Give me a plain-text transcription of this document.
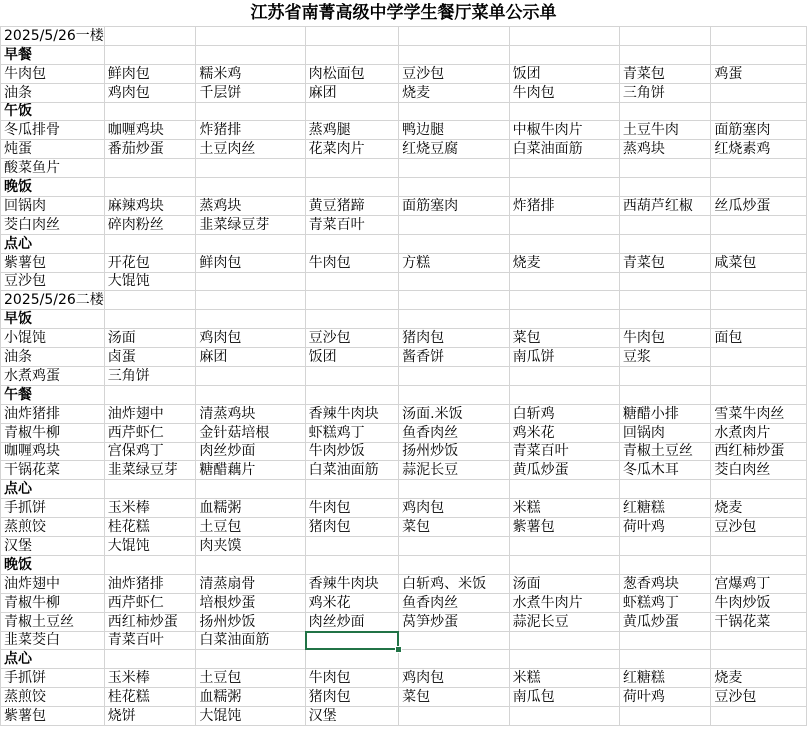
江苏省南菁高级中学学生餐厅菜单公示单
2025/5/26一楼							
早餐							
牛肉包	鲜肉包	糯米鸡	肉松面包	豆沙包	饭团	青菜包	鸡蛋
油条	鸡肉包	千层饼	麻团	烧麦	牛肉包	三角饼	
午饭							
冬瓜排骨	咖喱鸡块	炸猪排	蒸鸡腿	鸭边腿	中椒牛肉片	土豆牛肉	面筋塞肉
炖蛋	番茄炒蛋	土豆肉丝	花菜肉片	红烧豆腐	白菜油面筋	蒸鸡块	红烧素鸡
酸菜鱼片							
晚饭							
回锅肉	麻辣鸡块	蒸鸡块	黄豆猪蹄	面筋塞肉	炸猪排	西葫芦红椒	丝瓜炒蛋
茭白肉丝	碎肉粉丝	韭菜绿豆芽	青菜百叶				
点心							
紫薯包	开花包	鲜肉包	牛肉包	方糕	烧麦	青菜包	咸菜包
豆沙包	大馄饨						
2025/5/26二楼							
早饭							
小馄饨	汤面	鸡肉包	豆沙包	猪肉包	菜包	牛肉包	面包
油条	卤蛋	麻团	饭团	酱香饼	南瓜饼	豆浆	
水煮鸡蛋	三角饼						
午餐							
油炸猪排	油炸翅中	清蒸鸡块	香辣牛肉块	汤面.米饭	白斩鸡	糖醋小排	雪菜牛肉丝
青椒牛柳	西芹虾仁	金针菇培根	虾糕鸡丁	鱼香肉丝	鸡米花	回锅肉	水煮肉片
咖喱鸡块	宫保鸡丁	肉丝炒面	牛肉炒饭	扬州炒饭	青菜百叶	青椒土豆丝	西红柿炒蛋
干锅花菜	韭菜绿豆芽	糖醋藕片	白菜油面筋	蒜泥长豆	黄瓜炒蛋	冬瓜木耳	茭白肉丝
点心							
手抓饼	玉米棒	血糯粥	牛肉包	鸡肉包	米糕	红糖糕	烧麦
蒸煎饺	桂花糕	土豆包	猪肉包	菜包	紫薯包	荷叶鸡	豆沙包
汉堡	大馄饨	肉夹馍					
晚饭							
油炸翅中	油炸猪排	清蒸扇骨	香辣牛肉块	白斩鸡、米饭	汤面	葱香鸡块	宫爆鸡丁
青椒牛柳	西芹虾仁	培根炒蛋	鸡米花	鱼香肉丝	水煮牛肉片	虾糕鸡丁	牛肉炒饭
青椒土豆丝	西红柿炒蛋	扬州炒饭	肉丝炒面	莴笋炒蛋	蒜泥长豆	黄瓜炒蛋	干锅花菜
韭菜茭白	青菜百叶	白菜油面筋					
点心							
手抓饼	玉米棒	土豆包	牛肉包	鸡肉包	米糕	红糖糕	烧麦
蒸煎饺	桂花糕	血糯粥	猪肉包	菜包	南瓜包	荷叶鸡	豆沙包
紫薯包	烧饼	大馄饨	汉堡				
